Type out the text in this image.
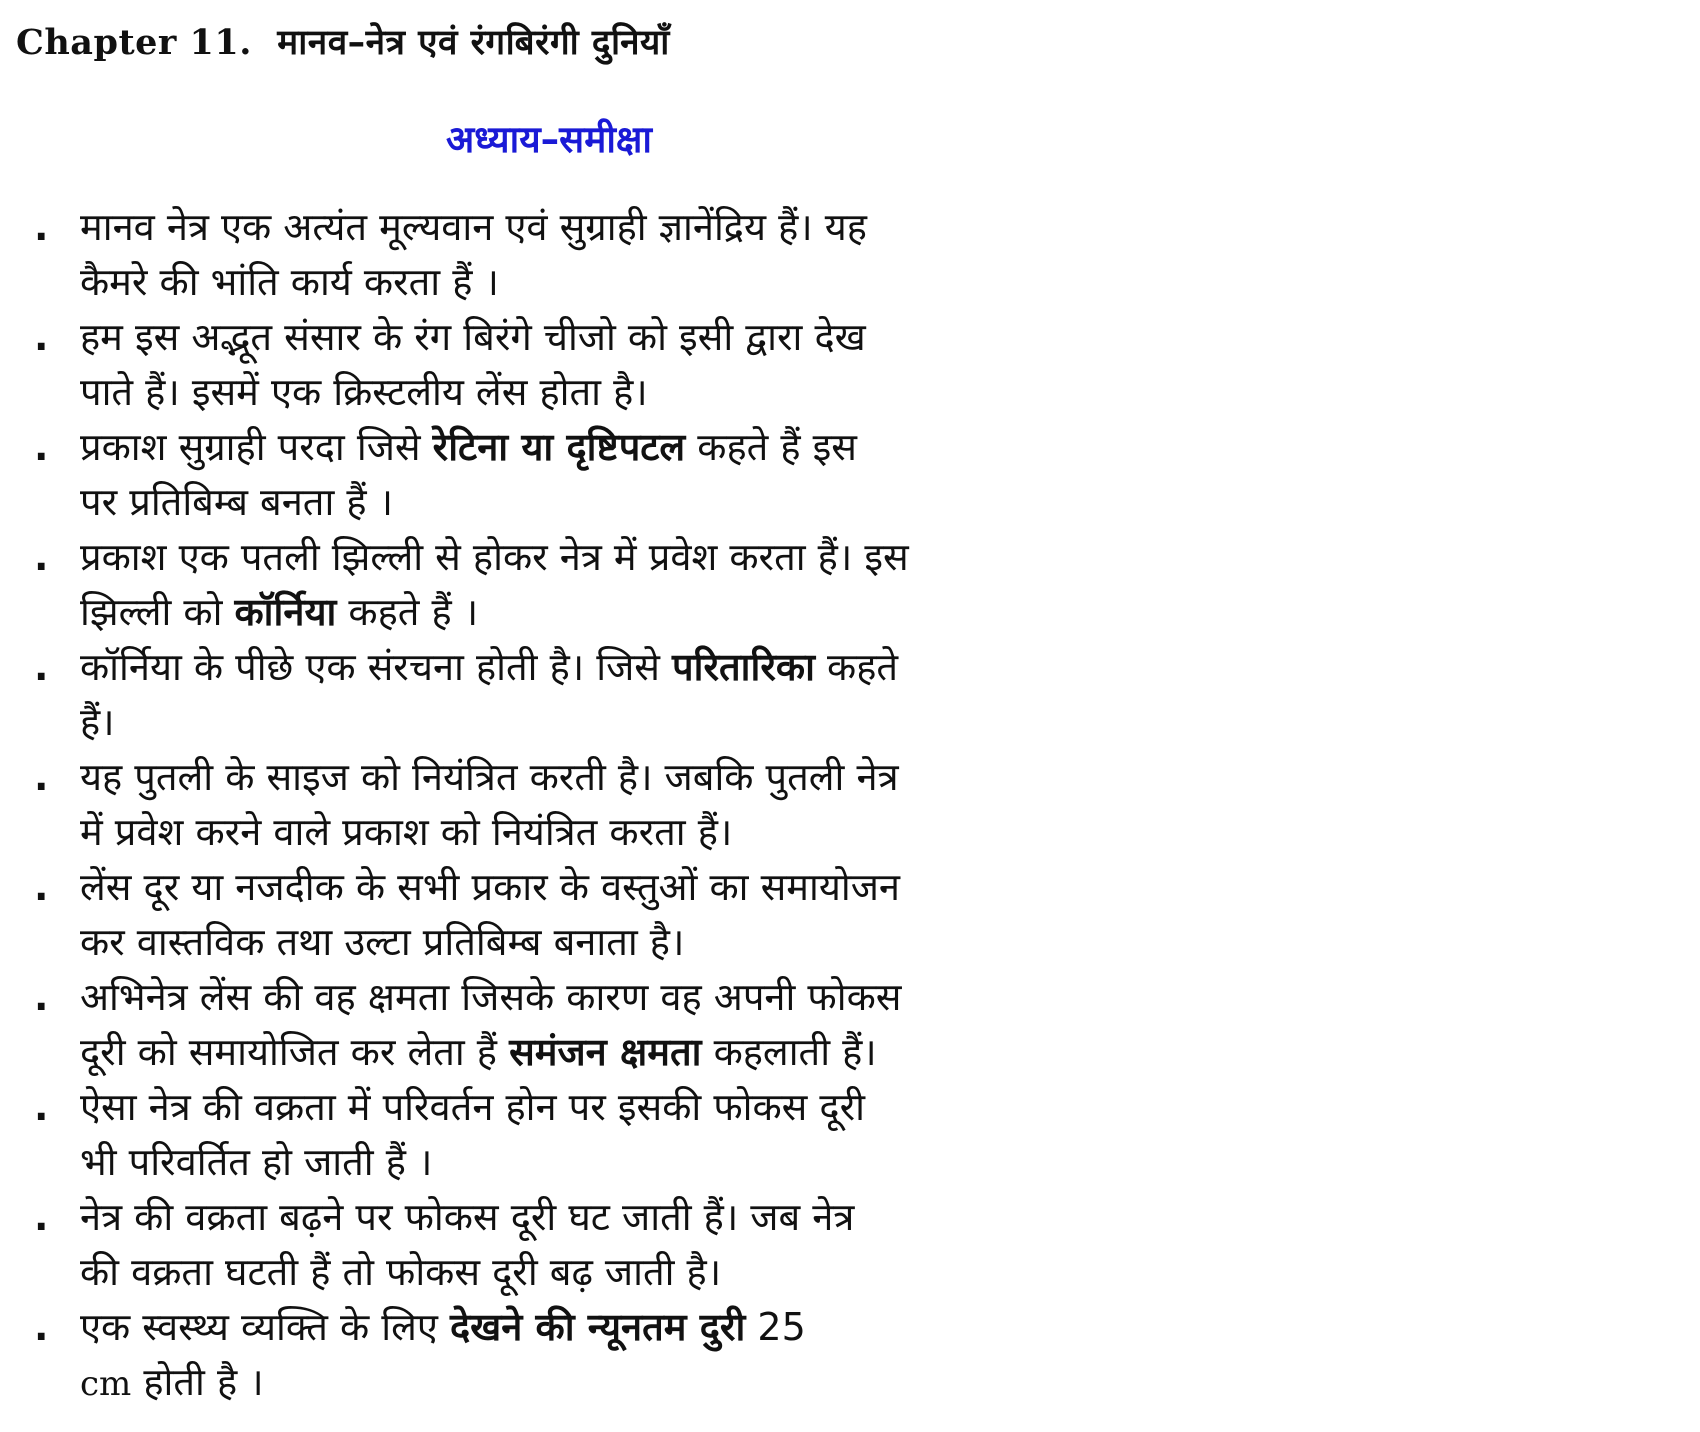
Chapter 11. मानव–नेत्र एवं रंगबिरंगी दुनियाँ
अध्याय–समीक्षा
. मानव नेत्र एक अत्यंत मूल्यवान एवं सुग्राही ज्ञानेंद्रिय हैं। यह
कैमरे की भांति कार्य करता हैं ।
. हम इस अद्भूत संसार के रंग बिरंगे चीजो को इसी द्वारा देख
पाते हैं। इसमें एक क्रिस्टलीय लेंस होता है।
. प्रकाश सुग्राही परदा जिसे रेटिना या दृष्टिपटल कहते हैं इस
पर प्रतिबिम्ब बनता हैं ।
. प्रकाश एक पतली झिल्ली से होकर नेत्र में प्रवेश करता हैं। इस
झिल्ली को कॉर्निया कहते हैं ।
. कॉर्निया के पीछे एक संरचना होती है। जिसे परितारिका कहते
हैं।
. यह पुतली के साइज को नियंत्रित करती है। जबकि पुतली नेत्र
में प्रवेश करने वाले प्रकाश को नियंत्रित करता हैं।
. लेंस दूर या नजदीक के सभी प्रकार के वस्तुओं का समायोजन
कर वास्तविक तथा उल्टा प्रतिबिम्ब बनाता है।
. अभिनेत्र लेंस की वह क्षमता जिसके कारण वह अपनी फोकस
दूरी को समायोजित कर लेता हैं समंजन क्षमता कहलाती हैं।
. ऐसा नेत्र की वक्रता में परिवर्तन होन पर इसकी फोकस दूरी
भी परिवर्तित हो जाती हैं ।
. नेत्र की वक्रता बढ़ने पर फोकस दूरी घट जाती हैं। जब नेत्र
की वक्रता घटती हैं तो फोकस दूरी बढ़ जाती है।
. एक स्वस्थ्य व्यक्ति के लिए देखने की न्यूनतम दुरी 25
cm होती है ।
